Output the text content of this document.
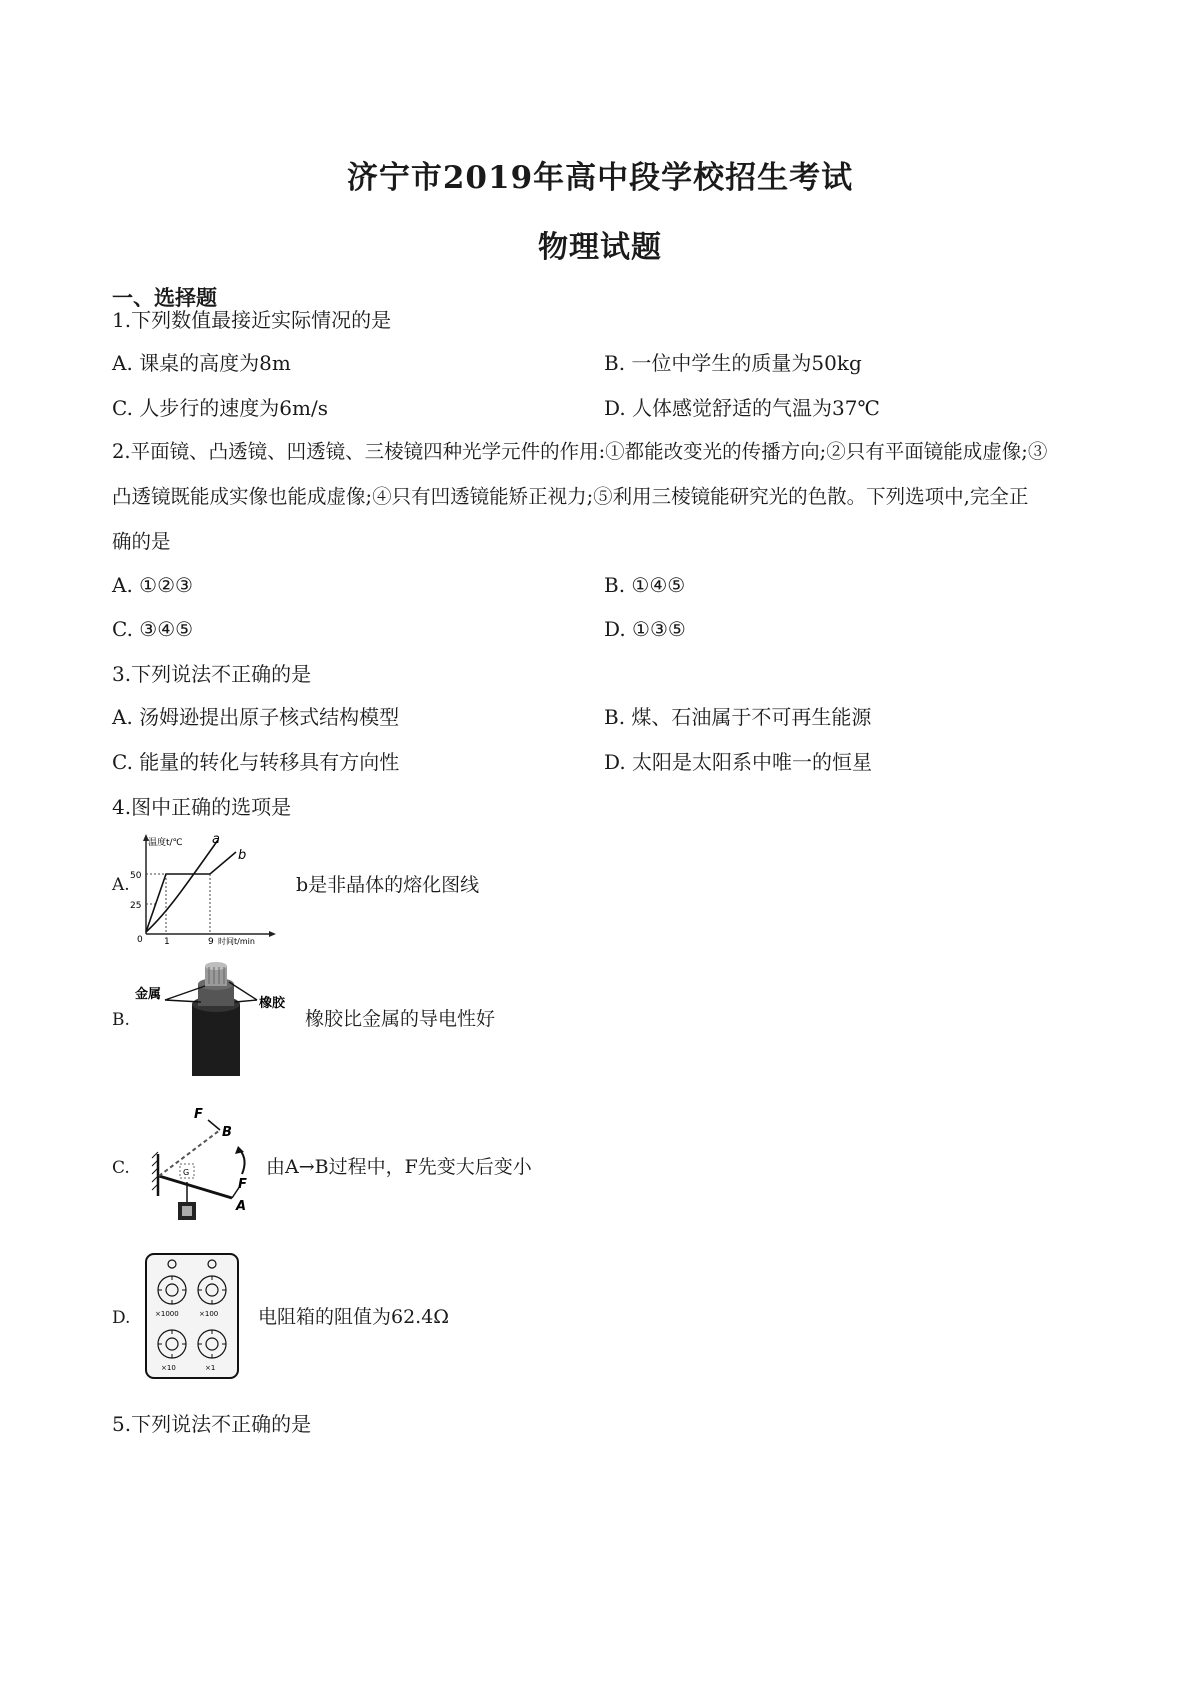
济宁市2019年高中段学校招生考试
物理试题
一、选择题
1.下列数值最接近实际情况的是
A. 课桌的高度为8m	B. 一位中学生的质量为50kg
C. 人步行的速度为6m/s	D. 人体感觉舒适的气温为37℃
2.平面镜、凸透镜、凹透镜、三棱镜四种光学元件的作用:①都能改变光的传播方向;②只有平面镜能成虚像;③
凸透镜既能成实像也能成虚像;④只有凹透镜能矫正视力;⑤利用三棱镜能研究光的色散。下列选项中,完全正
确的是
A. ①②③	B. ①④⑤
C. ③④⑤	D. ①③⑤
3.下列说法不正确的是
A. 汤姆逊提出原子核式结构模型	B. 煤、石油属于不可再生能源
C. 能量的转化与转移具有方向性	D. 太阳是太阳系中唯一的恒星
4.图中正确的选项是
A.
温度t/℃ a
b
50
25
0 1	9 时间t/min
b是非晶体的熔化图线
B.
金属
橡胶
橡胶比金属的导电性好
C.
F
B
F
A
G	由A→B过程中，F先变大后变小
D.	×1000	×100
×10	×1
电阻箱的阻值为62.4Ω
5.下列说法不正确的是
